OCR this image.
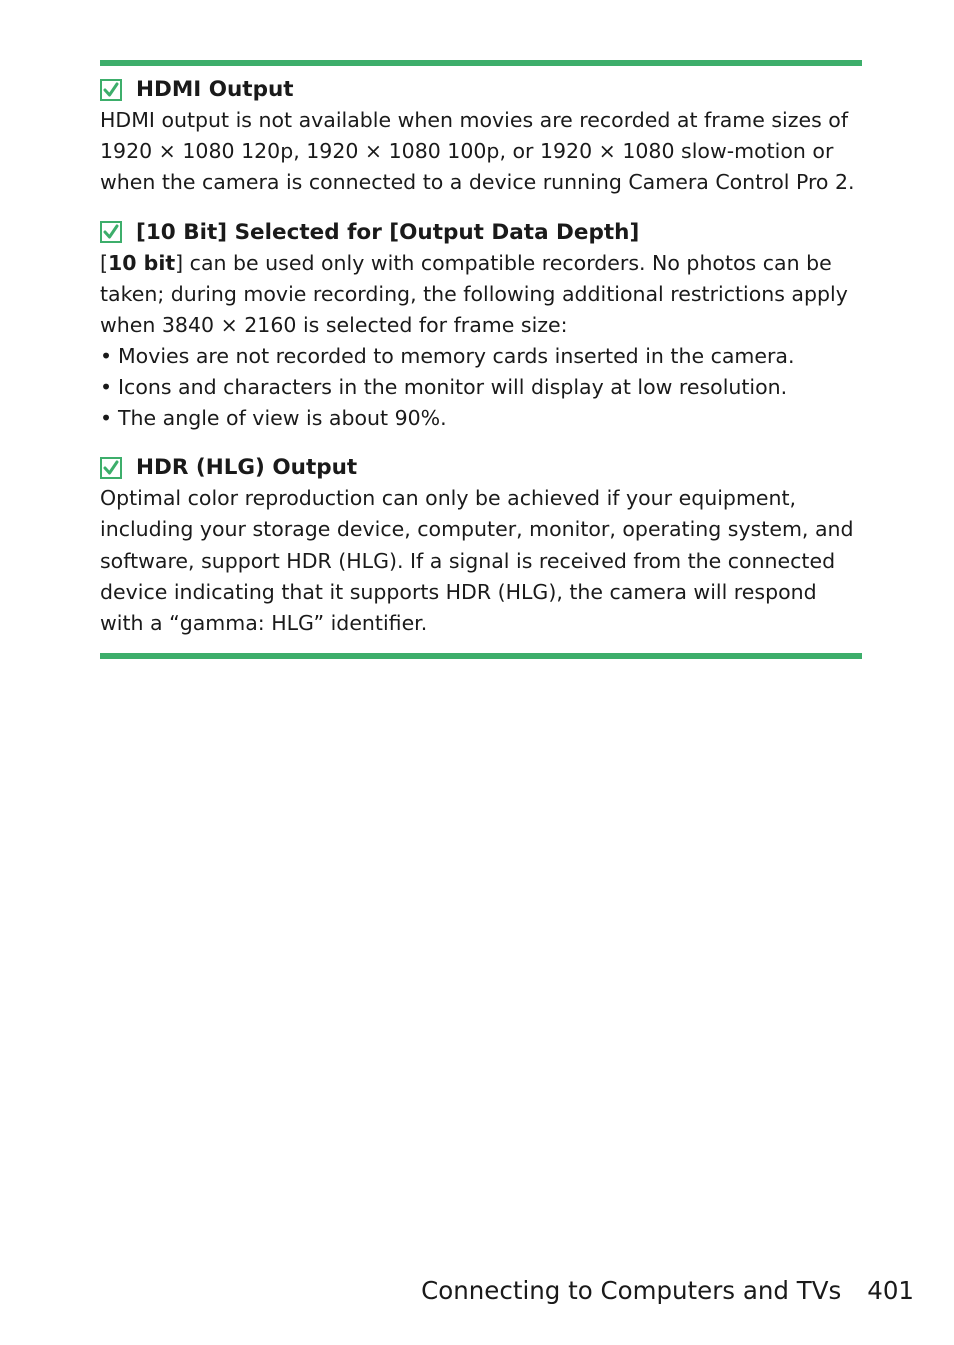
HDMI Output

HDMI output is not available when movies are recorded at frame sizes of 1920 × 1080 120p, 1920 × 1080 100p, or 1920 × 1080 slow-motion or when the camera is connected to a device running Camera Control Pro 2.

[10 Bit] Selected for [Output Data Depth]

[10 bit] can be used only with compatible recorders. No photos can be taken; during movie recording, the following additional restrictions apply when 3840 × 2160 is selected for frame size:

• Movies are not recorded to memory cards inserted in the camera.
• Icons and characters in the monitor will display at low resolution.
• The angle of view is about 90%.
HDR (HLG) Output

Optimal color reproduction can only be achieved if your equipment, including your storage device, computer, monitor, operating system, and software, support HDR (HLG). If a signal is received from the connected device indicating that it supports HDR (HLG), the camera will respond with a “gamma: HLG” identifier.

Connecting to Computers and TVs 401
